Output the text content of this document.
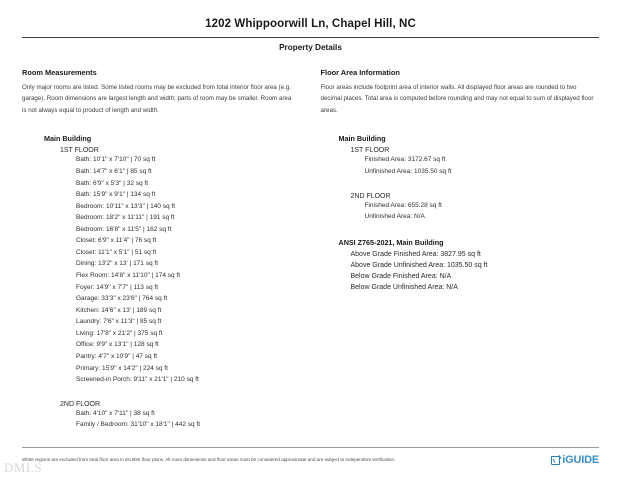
1202 Whippoorwill Ln, Chapel Hill, NC
Property Details
Room Measurements

Only major rooms are listed. Some listed rooms may be excluded from total interior floor area (e.g. garage). Room dimensions are largest length and width; parts of room may be smaller. Room area is not always equal to product of length and width.

Main Building
1ST FLOOR
Bath: 10'1" x 7'10" | 70 sq ft
Bath: 14'7" x 6'1" | 85 sq ft
Bath: 6'9" x 5'3" | 32 sq ft
Bath: 15'9" x 9'1" | 134 sq ft
Bedroom: 10'11" x 13'3" | 140 sq ft
Bedroom: 18'2" x 11'11" | 191 sq ft
Bedroom: 16'8" x 11'5" | 162 sq ft
Closet: 6'9" x 11'4" | 76 sq ft
Closet: 11'1" x 5'1" | 51 sq ft
Dining: 13'2" x 13' | 171 sq ft
Flex Room: 14'8" x 11'10" | 174 sq ft
Foyer: 14'9" x 7'7" | 113 sq ft
Garage: 33'3" x 23'6" | 764 sq ft
Kitchen: 14'6" x 13' | 189 sq ft
Laundry: 7'6" x 11'3" | 85 sq ft
Living: 17'8" x 21'2" | 375 sq ft
Office: 9'9" x 13'1" | 128 sq ft
Pantry: 4'7" x 10'9" | 47 sq ft
Primary: 15'9" x 14'2" | 224 sq ft
Screened-in Porch: 9'11" x 21'1" | 210 sq ft
2ND FLOOR
Bath: 4'10" x 7'11" | 38 sq ft
Family / Bedroom: 31'10" x 18'1" | 442 sq ft
Floor Area Information

Floor areas include footprint area of interior walls. All displayed floor areas are rounded to two decimal places. Total area is computed before rounding and may not equal to sum of displayed floor areas.

Main Building
1ST FLOOR
Finished Area: 3172.67 sq ft
Unfinished Area: 1035.50 sq ft
2ND FLOOR
Finished Area: 655.28 sq ft
Unfinished Area: N/A
ANSI Z765-2021, Main Building
Above Grade Finished Area: 3827.95 sq ft
Above Grade Unfinished Area: 1035.50 sq ft
Below Grade Finished Area: N/A
Below Grade Unfinished Area: N/A
White regions are excluded from total floor area in iGUIDE floor plans. All room dimensions and floor areas must be considered approximate and are subject to independent verification.	iGUIDE
DMLS
